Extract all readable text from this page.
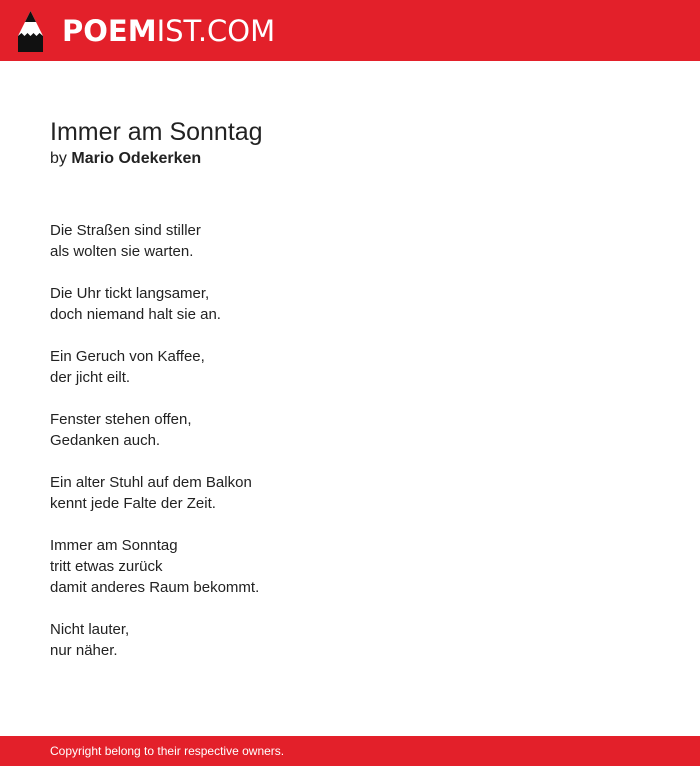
POEMIST.COM
Immer am Sonntag
by Mario Odekerken

Die Straßen sind stiller
als wolten sie warten.

Die Uhr tickt langsamer,
doch niemand halt sie an.

Ein Geruch von Kaffee,
der jicht eilt.

Fenster stehen offen,
Gedanken auch.

Ein alter Stuhl auf dem Balkon
kennt jede Falte der Zeit.

Immer am Sonntag
tritt etwas zurück
damit anderes Raum bekommt.

Nicht lauter,
nur näher.

Copyright belong to their respective owners.
